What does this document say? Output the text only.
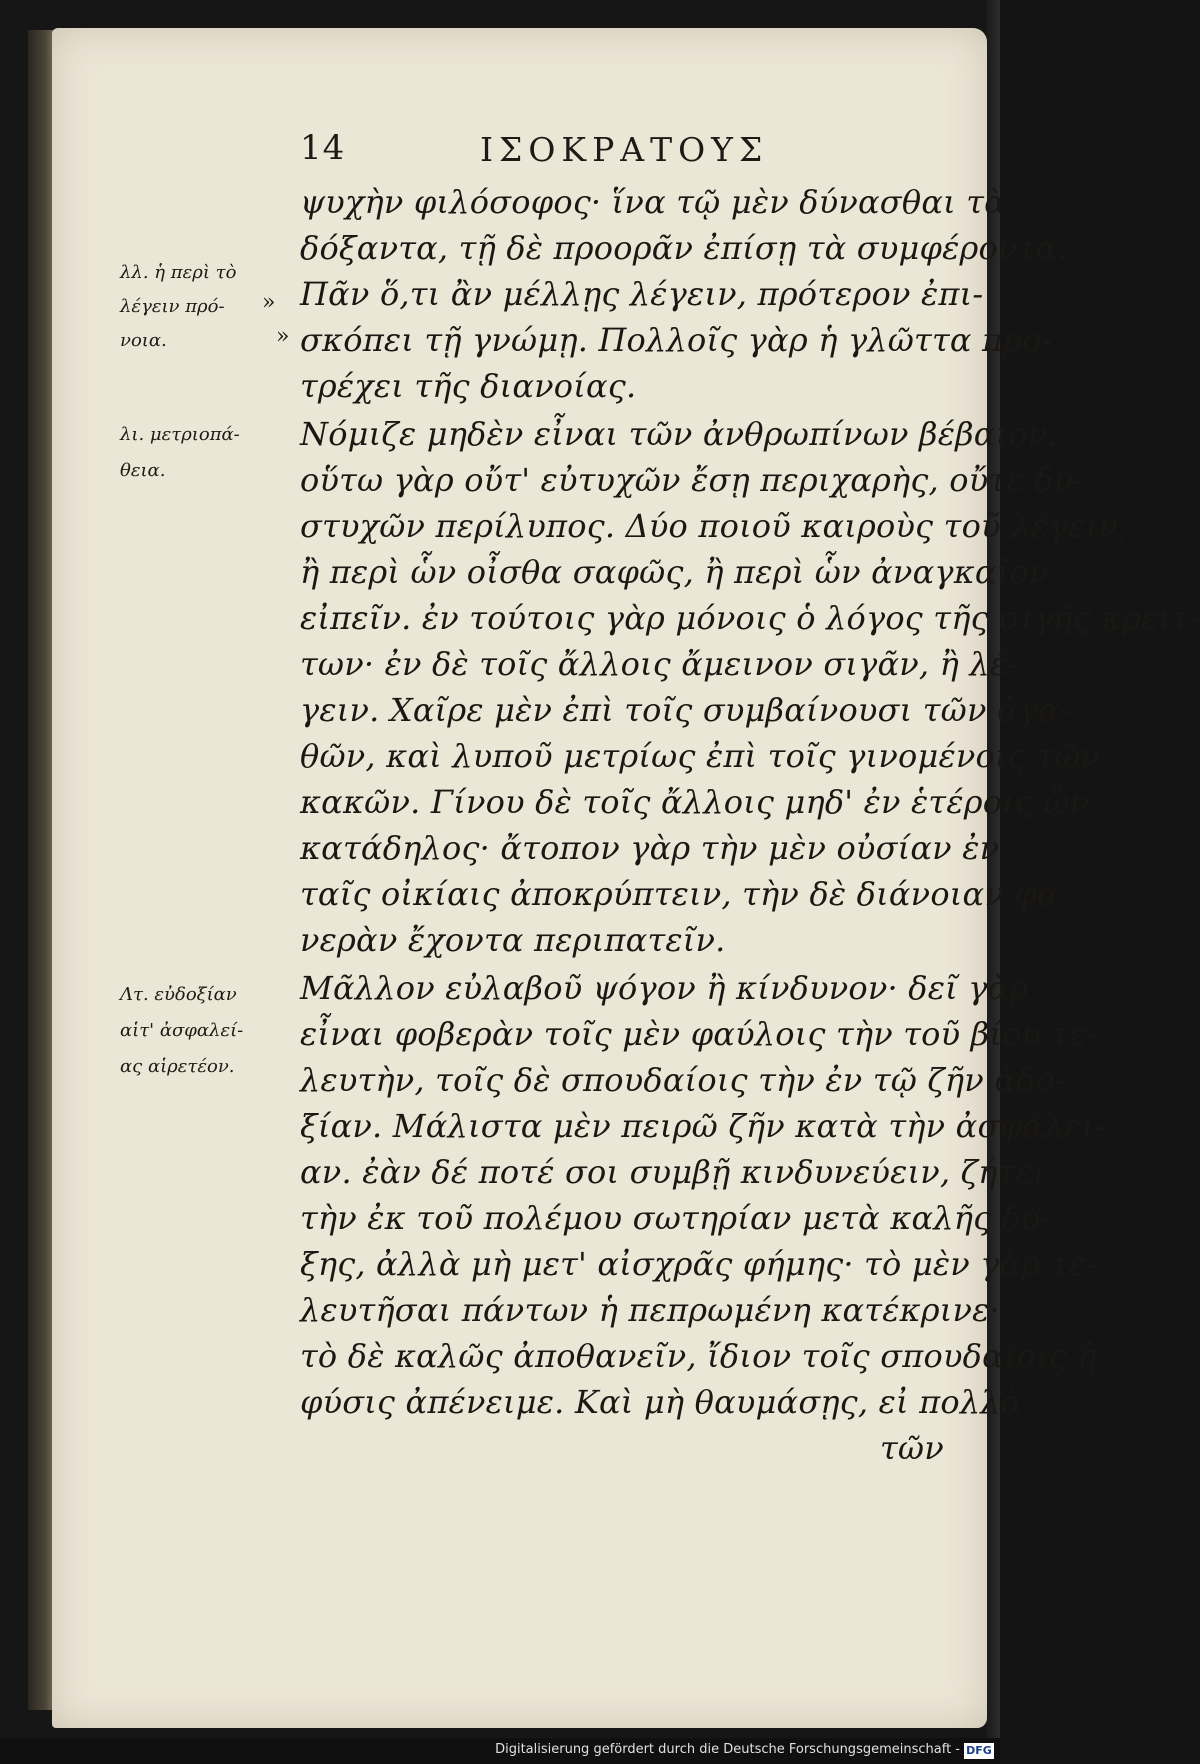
14	ΙΣΟΚΡΑΤΟΥΣ
λλ. ἡ περὶ τὸ
λέγειν πρό-
νοια.
»
»
λι. μετριοπά-
θεια.
Λτ. εὐδοξίαν
αἱτ' ἀσφαλεί-
ας αἱρετέον.
ψυχὴν φιλόσοφος· ἵνα τῷ μὲν δύνασθαι τὰ
δόξαντα, τῇ δὲ προορᾶν ἐπίσῃ τὰ συμφέροντα.
Πᾶν ὅ,τι ἂν μέλλῃς λέγειν, πρότερον ἐπι-
σκόπει τῇ γνώμῃ. Πολλοῖς γὰρ ἡ γλῶττα προ-
τρέχει τῆς διανοίας.
Νόμιζε μηδὲν εἶναι τῶν ἀνθρωπίνων βέβαιον.
οὕτω γὰρ οὔτ' εὐτυχῶν ἔσῃ περιχαρὴς, οὔτε δυ-
στυχῶν περίλυπος. Δύο ποιοῦ καιροὺς τοῦ λέγειν,
ἢ περὶ ὧν οἶσθα σαφῶς, ἢ περὶ ὧν ἀναγκαῖον
εἰπεῖν. ἐν τούτοις γὰρ μόνοις ὁ λόγος τῆς σιγῆς κρείτ-
των· ἐν δὲ τοῖς ἄλλοις ἄμεινον σιγᾶν, ἢ λέ-
γειν. Χαῖρε μὲν ἐπὶ τοῖς συμβαίνουσι τῶν ἀγα-
θῶν, καὶ λυποῦ μετρίως ἐπὶ τοῖς γινομένοις τῶν
κακῶν. Γίνου δὲ τοῖς ἄλλοις μηδ' ἐν ἑτέροις ὢν
κατάδηλος· ἄτοπον γὰρ τὴν μὲν οὐσίαν ἐν
ταῖς οἰκίαις ἀποκρύπτειν, τὴν δὲ διάνοιαν φα-
νερὰν ἔχοντα περιπατεῖν.
Μᾶλλον εὐλαβοῦ ψόγον ἢ κίνδυνον· δεῖ γὰρ
εἶναι φοβερὰν τοῖς μὲν φαύλοις τὴν τοῦ βίου τε-
λευτὴν, τοῖς δὲ σπουδαίοις τὴν ἐν τῷ ζῆν ἀδο-
ξίαν. Μάλιστα μὲν πειρῶ ζῆν κατὰ τὴν ἀσφάλει-
αν. ἐὰν δέ ποτέ σοι συμβῇ κινδυνεύειν, ζήτει
τὴν ἐκ τοῦ πολέμου σωτηρίαν μετὰ καλῆς δό-
ξης, ἀλλὰ μὴ μετ' αἰσχρᾶς φήμης· τὸ μὲν γὰρ τε-
λευτῆσαι πάντων ἡ πεπρωμένη κατέκρινε·
τὸ δὲ καλῶς ἀποθανεῖν, ἴδιον τοῖς σπουδαίοις ἡ
φύσις ἀπένειμε. Καὶ μὴ θαυμάσῃς, εἰ πολλὰ
τῶν
Digitalisierung gefördert durch die Deutsche Forschungsgemeinschaft - DFG
